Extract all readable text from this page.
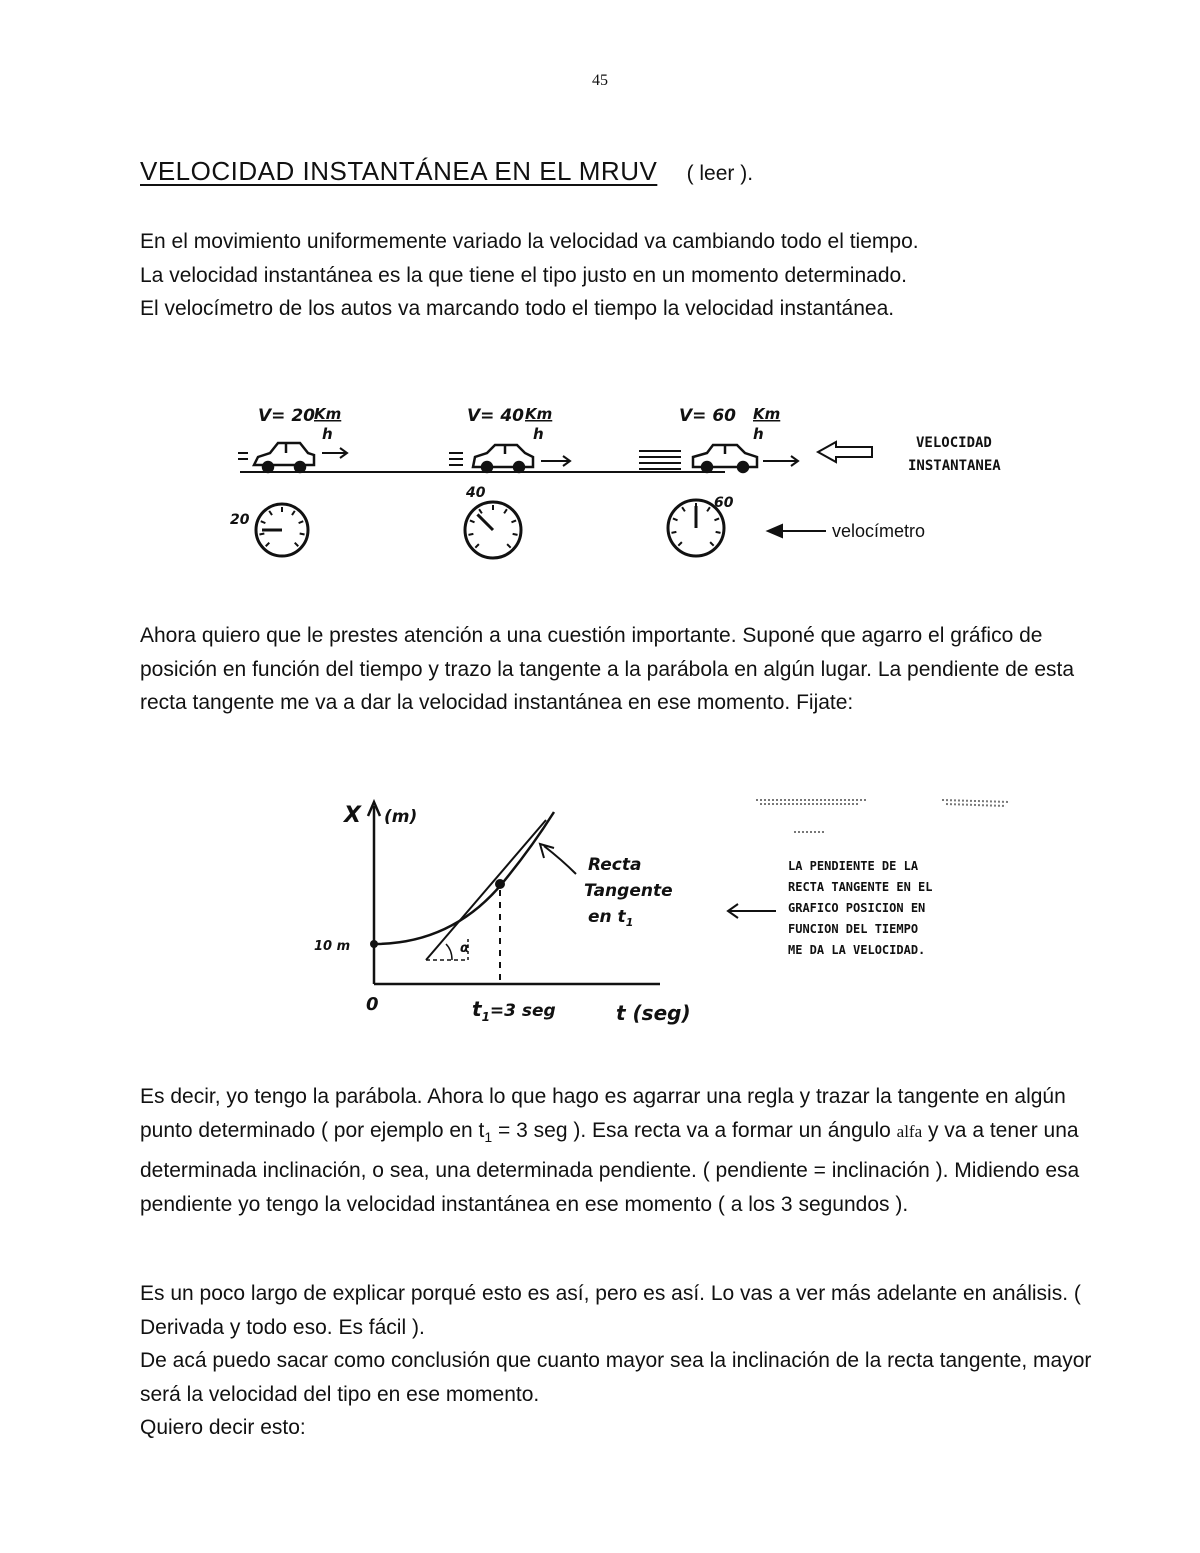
45
VELOCIDAD INSTANTÁNEA EN EL MRUV ( leer ).

En el movimiento uniformemente variado la velocidad va cambiando todo el tiempo.

La velocidad instantánea es la que tiene el tipo justo en un momento determinado.

El velocímetro de los autos va marcando todo el tiempo la velocidad instantánea.

V= 20 Km
h
V= 40 Km
h
V= 60 Km
h	VELOCIDAD
INSTANTANEA
20
40
60
velocímetro
Ahora quiero que le prestes atención a una cuestión importante. Suponé que agarro el gráfico de posición en función del tiempo y trazo la tangente a la parábola en algún lugar. La pendiente de esta recta tangente me va a dar la velocidad instantánea en ese momento. Fijate:
X (m)
10 m
0
α
$t_1^{=3 seg}$	t (seg)
Recta
Tangente
en $t_1$
LA PENDIENTE DE LA
RECTA TANGENTE EN EL
GRAFICO POSICION EN
FUNCION DEL TIEMPO
ME DA LA VELOCIDAD.
Es decir, yo tengo la parábola. Ahora lo que hago es agarrar una regla y trazar la tangente en algún punto determinado ( por ejemplo en $t_1 = 3$ seg ). Esa recta va a formar un ángulo alfa y va a tener una determinada inclinación, o sea, una determinada pendiente. ( pendiente = inclinación ). Midiendo esa pendiente yo tengo la velocidad instantánea en ese momento ( a los 3 segundos ).

Es un poco largo de explicar porqué esto es así, pero es así. Lo vas a ver más adelante en análisis. ( Derivada y todo eso. Es fácil ).

De acá puedo sacar como conclusión que cuanto mayor sea la inclinación de la recta tangente, mayor será la velocidad del tipo en ese momento.

Quiero decir esto:
